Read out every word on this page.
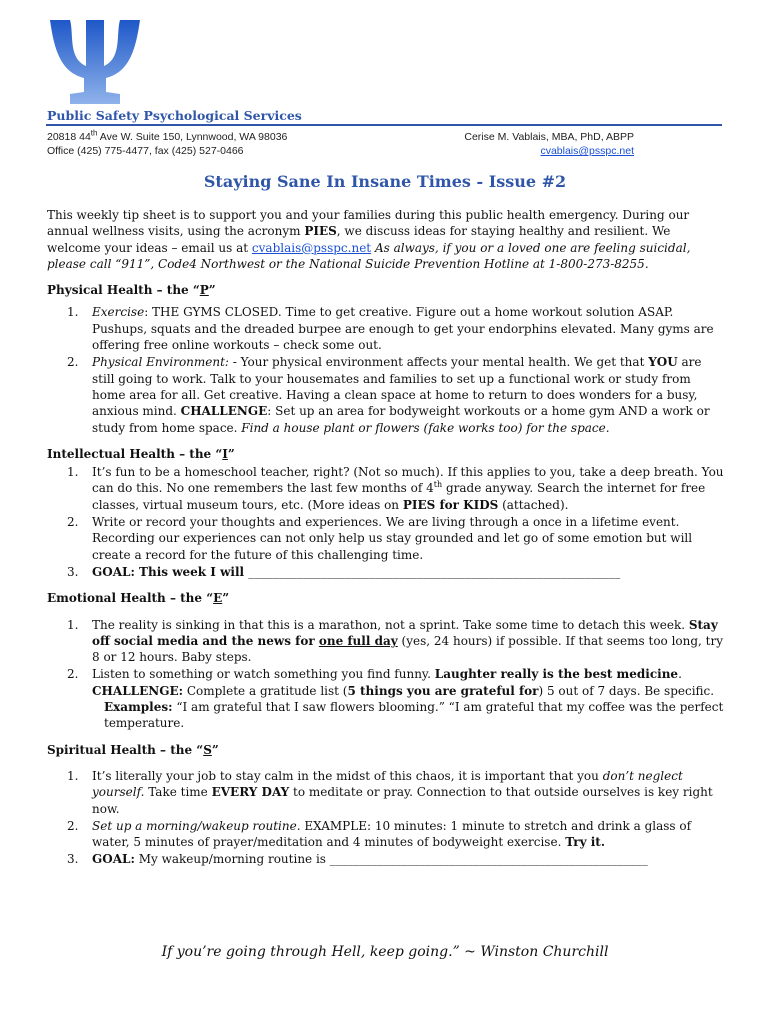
Public Safety Psychological Services
20818 44th Ave W. Suite 150, Lynnwood, WA 98036
Office (425) 775-4477, fax (425) 527-0466
Cerise M. Vablais, MBA, PhD, ABPP
cvablais@psspc.net
Staying Sane In Insane Times - Issue #2

This weekly tip sheet is to support you and your families during this public health emergency. During our annual wellness visits, using the acronym PIES, we discuss ideas for staying healthy and resilient. We welcome your ideas – email us at cvablais@psspc.net As always, if you or a loved one are feeling suicidal, please call “911”, Code4 Northwest or the National Suicide Prevention Hotline at 1-800-273-8255.

Physical Health – the “P”
1.	Exercise: THE GYMS CLOSED. Time to get creative. Figure out a home workout solution ASAP. Pushups, squats and the dreaded burpee are enough to get your endorphins elevated. Many gyms are offering free online workouts – check some out.
2.	Physical Environment: - Your physical environment affects your mental health. We get that YOU are still going to work. Talk to your housemates and families to set up a functional work or study from home area for all. Get creative. Having a clean space at home to return to does wonders for a busy, anxious mind. CHALLENGE: Set up an area for bodyweight workouts or a home gym AND a work or study from home space. Find a house plant or flowers (fake works too) for the space.
Intellectual Health – the “I”
1.	It’s fun to be a homeschool teacher, right? (Not so much). If this applies to you, take a deep breath. You can do this. No one remembers the last few months of 4th grade anyway. Search the internet for free classes, virtual museum tours, etc. (More ideas on PIES for KIDS (attached).
2.	Write or record your thoughts and experiences. We are living through a once in a lifetime event. Recording our experiences can not only help us stay grounded and let go of some emotion but will create a record for the future of this challenging time.
3.	GOAL: This week I will ______________________________________________________________
Emotional Health – the “E”
1.	The reality is sinking in that this is a marathon, not a sprint. Take some time to detach this week. Stay off social media and the news for one full day (yes, 24 hours) if possible. If that seems too long, try 8 or 12 hours. Baby steps.
2.	Listen to something or watch something you find funny. Laughter really is the best medicine.
CHALLENGE: Complete a gratitude list (5 things you are grateful for) 5 out of 7 days. Be specific.

Examples: “I am grateful that I saw flowers blooming.” “I am grateful that my coffee was the perfect temperature.
Spiritual Health – the “S”
1.	It’s literally your job to stay calm in the midst of this chaos, it is important that you don’t neglect yourself. Take time EVERY DAY to meditate or pray. Connection to that outside ourselves is key right now.
2.	Set up a morning/wakeup routine. EXAMPLE: 10 minutes: 1 minute to stretch and drink a glass of water, 5 minutes of prayer/meditation and 4 minutes of bodyweight exercise. Try it.
3.	GOAL: My wakeup/morning routine is _____________________________________________________
If you’re going through Hell, keep going.” ~ Winston Churchill
